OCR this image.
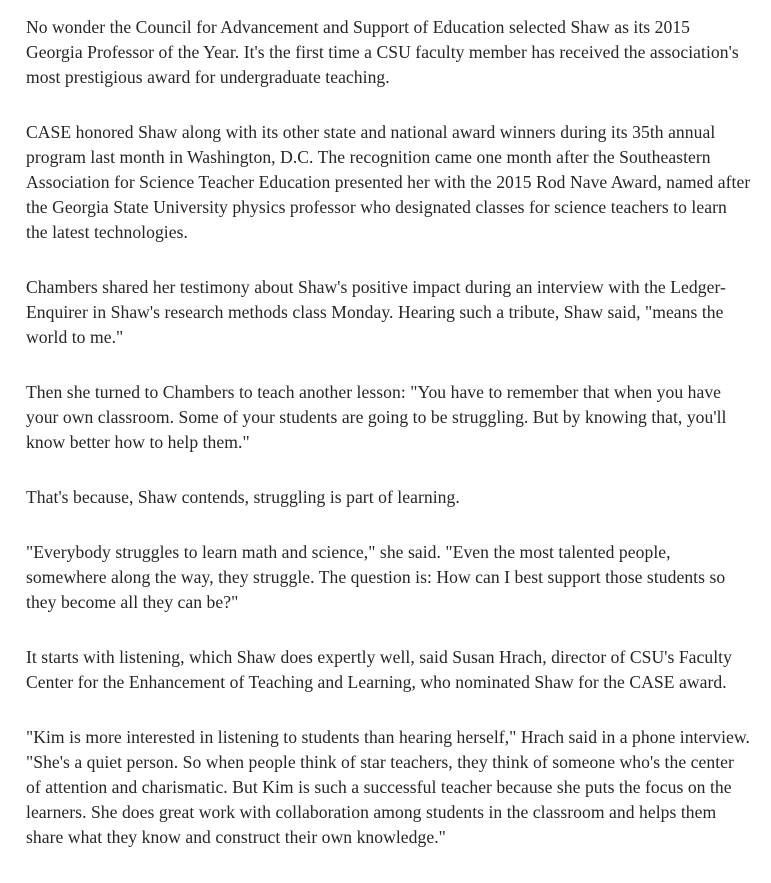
No wonder the Council for Advancement and Support of Education selected Shaw as its 2015 Georgia Professor of the Year. It's the first time a CSU faculty member has received the association's most prestigious award for undergraduate teaching.

CASE honored Shaw along with its other state and national award winners during its 35th annual program last month in Washington, D.C. The recognition came one month after the Southeastern Association for Science Teacher Education presented her with the 2015 Rod Nave Award, named after the Georgia State University physics professor who designated classes for science teachers to learn the latest technologies.

Chambers shared her testimony about Shaw's positive impact during an interview with the Ledger-Enquirer in Shaw's research methods class Monday. Hearing such a tribute, Shaw said, "means the world to me."

Then she turned to Chambers to teach another lesson: "You have to remember that when you have your own classroom. Some of your students are going to be struggling. But by knowing that, you'll know better how to help them."

That's because, Shaw contends, struggling is part of learning.

"Everybody struggles to learn math and science," she said. "Even the most talented people, somewhere along the way, they struggle. The question is: How can I best support those students so they become all they can be?"

It starts with listening, which Shaw does expertly well, said Susan Hrach, director of CSU's Faculty Center for the Enhancement of Teaching and Learning, who nominated Shaw for the CASE award.

"Kim is more interested in listening to students than hearing herself," Hrach said in a phone interview. "She's a quiet person. So when people think of star teachers, they think of someone who's the center of attention and charismatic. But Kim is such a successful teacher because she puts the focus on the learners. She does great work with collaboration among students in the classroom and helps them share what they know and construct their own knowledge."
